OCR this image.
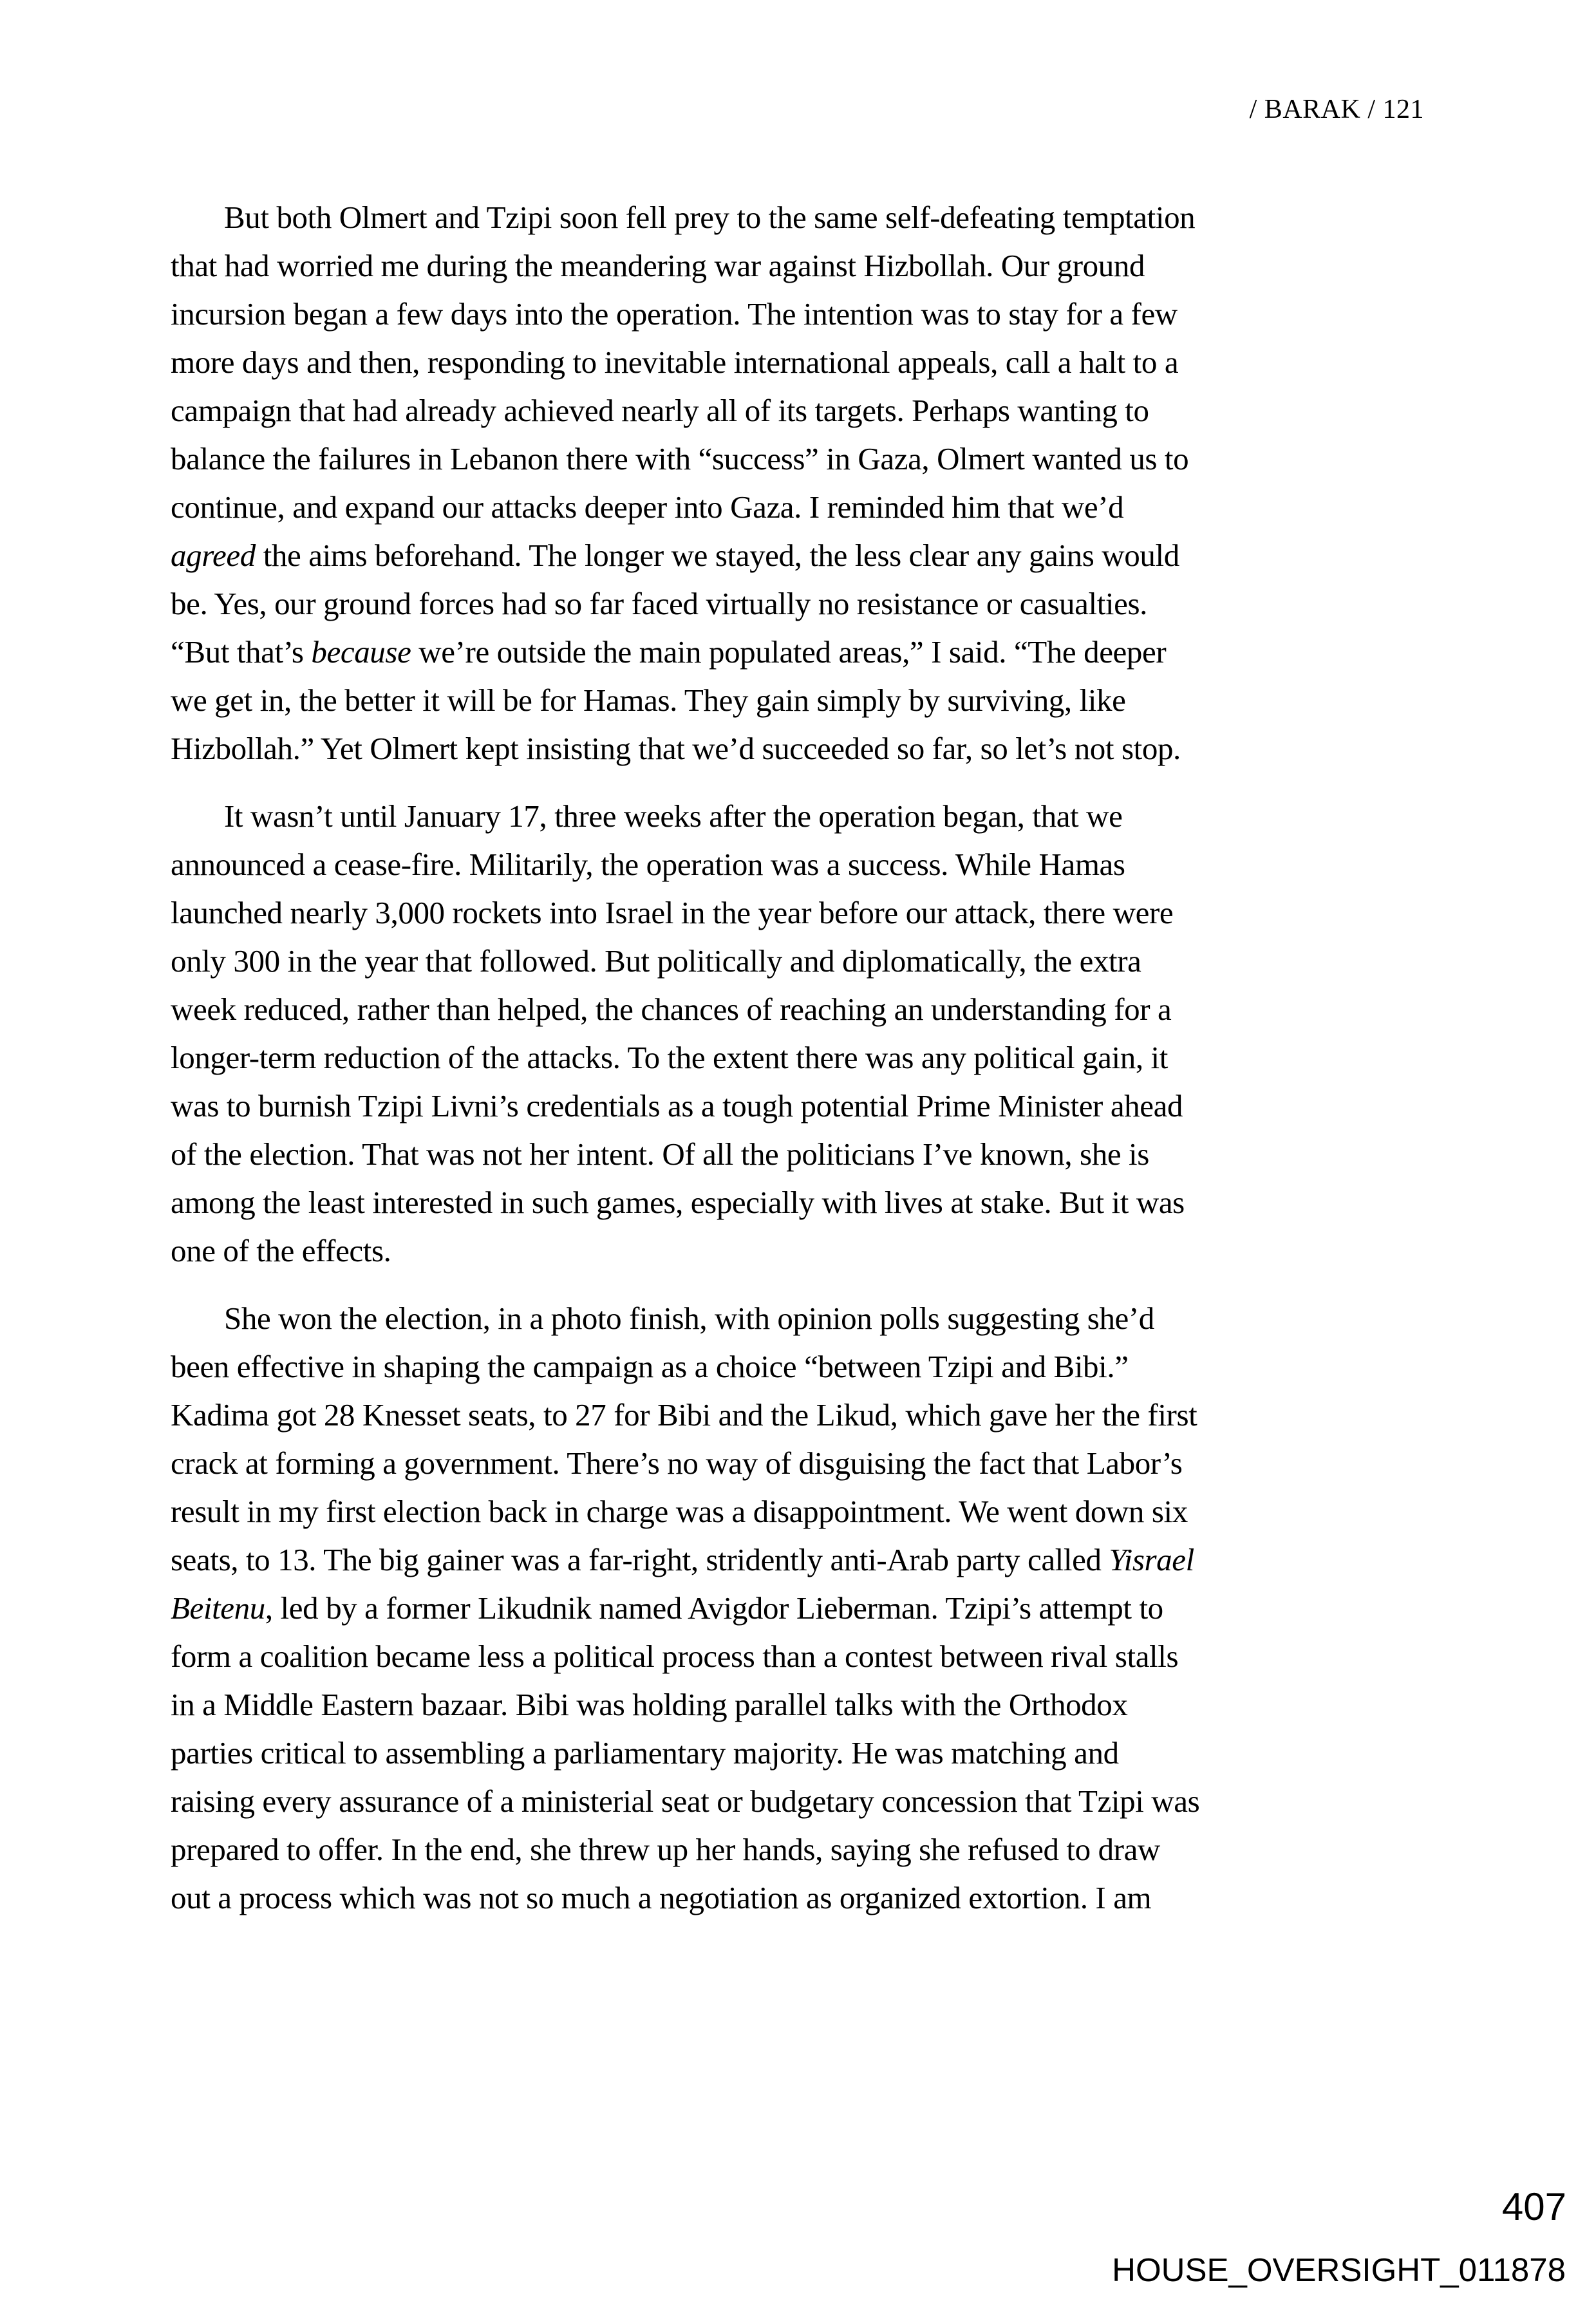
/ BARAK / 121
But both Olmert and Tzipi soon fell prey to the same self-defeating temptation
that had worried me during the meandering war against Hizbollah. Our ground
incursion began a few days into the operation. The intention was to stay for a few
more days and then, responding to inevitable international appeals, call a halt to a
campaign that had already achieved nearly all of its targets. Perhaps wanting to
balance the failures in Lebanon there with “success” in Gaza, Olmert wanted us to
continue, and expand our attacks deeper into Gaza. I reminded him that we’d
agreed the aims beforehand. The longer we stayed, the less clear any gains would
be. Yes, our ground forces had so far faced virtually no resistance or casualties.
“But that’s because we’re outside the main populated areas,” I said. “The deeper
we get in, the better it will be for Hamas. They gain simply by surviving, like
Hizbollah.” Yet Olmert kept insisting that we’d succeeded so far, so let’s not stop.
It wasn’t until January 17, three weeks after the operation began, that we
announced a cease-fire. Militarily, the operation was a success. While Hamas
launched nearly 3,000 rockets into Israel in the year before our attack, there were
only 300 in the year that followed. But politically and diplomatically, the extra
week reduced, rather than helped, the chances of reaching an understanding for a
longer-term reduction of the attacks. To the extent there was any political gain, it
was to burnish Tzipi Livni’s credentials as a tough potential Prime Minister ahead
of the election. That was not her intent. Of all the politicians I’ve known, she is
among the least interested in such games, especially with lives at stake. But it was
one of the effects.
She won the election, in a photo finish, with opinion polls suggesting she’d
been effective in shaping the campaign as a choice “between Tzipi and Bibi.”
Kadima got 28 Knesset seats, to 27 for Bibi and the Likud, which gave her the first
crack at forming a government. There’s no way of disguising the fact that Labor’s
result in my first election back in charge was a disappointment. We went down six
seats, to 13. The big gainer was a far-right, stridently anti-Arab party called Yisrael
Beitenu, led by a former Likudnik named Avigdor Lieberman. Tzipi’s attempt to
form a coalition became less a political process than a contest between rival stalls
in a Middle Eastern bazaar. Bibi was holding parallel talks with the Orthodox
parties critical to assembling a parliamentary majority. He was matching and
raising every assurance of a ministerial seat or budgetary concession that Tzipi was
prepared to offer. In the end, she threw up her hands, saying she refused to draw
out a process which was not so much a negotiation as organized extortion. I am
407
HOUSE_OVERSIGHT_011878
